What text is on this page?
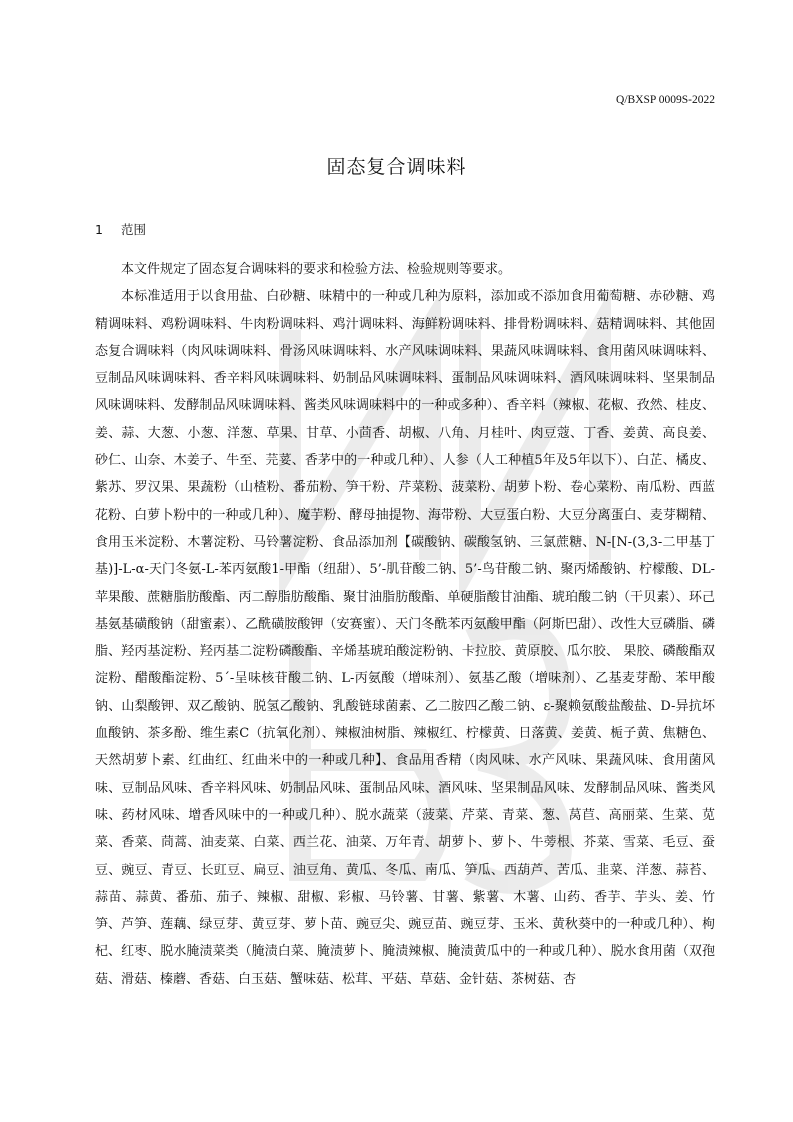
Q/BXSP 0009S-2022
固态复合调味料
1 范围

本文件规定了固态复合调味料的要求和检验方法、检验规则等要求。

本标准适用于以食用盐、白砂糖、味精中的一种或几种为原料，添加或不添加食用葡萄糖、赤砂糖、鸡精调味料、鸡粉调味料、牛肉粉调味料、鸡汁调味料、海鲜粉调味料、排骨粉调味料、菇精调味料、其他固态复合调味料（肉风味调味料、骨汤风味调味料、水产风味调味料、果蔬风味调味料、食用菌风味调味料、豆制品风味调味料、香辛料风味调味料、奶制品风味调味料、蛋制品风味调味料、酒风味调味料、坚果制品风味调味料、发酵制品风味调味料、酱类风味调味料中的一种或多种）、香辛料（辣椒、花椒、孜然、桂皮、姜、蒜、大葱、小葱、洋葱、草果、甘草、小茴香、胡椒、八角、月桂叶、肉豆蔻、丁香、姜黄、高良姜、砂仁、山奈、木姜子、牛至、芫荽、香茅中的一种或几种）、人参（人工种植5年及5年以下）、白芷、橘皮、紫苏、罗汉果、果蔬粉（山楂粉、番茄粉、笋干粉、芹菜粉、菠菜粉、胡萝卜粉、卷心菜粉、南瓜粉、西蓝花粉、白萝卜粉中的一种或几种）、魔芋粉、酵母抽提物、海带粉、大豆蛋白粉、大豆分离蛋白、麦芽糊精、食用玉米淀粉、木薯淀粉、马铃薯淀粉、食品添加剂【碳酸钠、碳酸氢钠、三氯蔗糖、N-[N-(3,3-二甲基丁基)]-L-α-天门冬氨-L-苯丙氨酸1-甲酯（纽甜）、5’-肌苷酸二钠、5’-鸟苷酸二钠、聚丙烯酸钠、柠檬酸、DL-苹果酸、蔗糖脂肪酸酯、丙二醇脂肪酸酯、聚甘油脂肪酸酯、单硬脂酸甘油酯、琥珀酸二钠（干贝素）、环己基氨基磺酸钠（甜蜜素）、乙酰磺胺酸钾（安赛蜜）、天门冬酰苯丙氨酸甲酯（阿斯巴甜）、改性大豆磷脂、磷脂、羟丙基淀粉、羟丙基二淀粉磷酸酯、辛烯基琥珀酸淀粉钠、卡拉胶、黄原胶、瓜尔胶、 果胶、磷酸酯双淀粉、醋酸酯淀粉、5´-呈味核苷酸二钠、L-丙氨酸（增味剂）、氨基乙酸（增味剂）、乙基麦芽酚、苯甲酸钠、山梨酸钾、双乙酸钠、脱氢乙酸钠、乳酸链球菌素、乙二胺四乙酸二钠、ε-聚赖氨酸盐酸盐、D-异抗坏血酸钠、茶多酚、维生素C（抗氧化剂）、辣椒油树脂、辣椒红、柠檬黄、日落黄、姜黄、栀子黄、焦糖色、天然胡萝卜素、红曲红、红曲米中的一种或几种】、食品用香精（肉风味、水产风味、果蔬风味、食用菌风味、豆制品风味、香辛料风味、奶制品风味、蛋制品风味、酒风味、坚果制品风味、发酵制品风味、酱类风味、药材风味、增香风味中的一种或几种）、脱水蔬菜（菠菜、芹菜、青菜、葱、莴苣、高丽菜、生菜、苋菜、香菜、茼蒿、油麦菜、白菜、西兰花、油菜、万年青、胡萝卜、萝卜、牛蒡根、芥菜、雪菜、毛豆、蚕豆、豌豆、青豆、长豇豆、扁豆、油豆角、黄瓜、冬瓜、南瓜、笋瓜、西葫芦、苦瓜、韭菜、洋葱、蒜苔、蒜苗、蒜黄、番茄、茄子、辣椒、甜椒、彩椒、马铃薯、甘薯、紫薯、木薯、山药、香芋、芋头、姜、竹笋、芦笋、莲藕、绿豆芽、黄豆芽、萝卜苗、豌豆尖、豌豆苗、豌豆芽、玉米、黄秋葵中的一种或几种）、枸杞、红枣、脱水腌渍菜类（腌渍白菜、腌渍萝卜、腌渍辣椒、腌渍黄瓜中的一种或几种）、脱水食用菌（双孢菇、滑菇、榛蘑、香菇、白玉菇、蟹味菇、松茸、平菇、草菇、金针菇、茶树菇、杏
